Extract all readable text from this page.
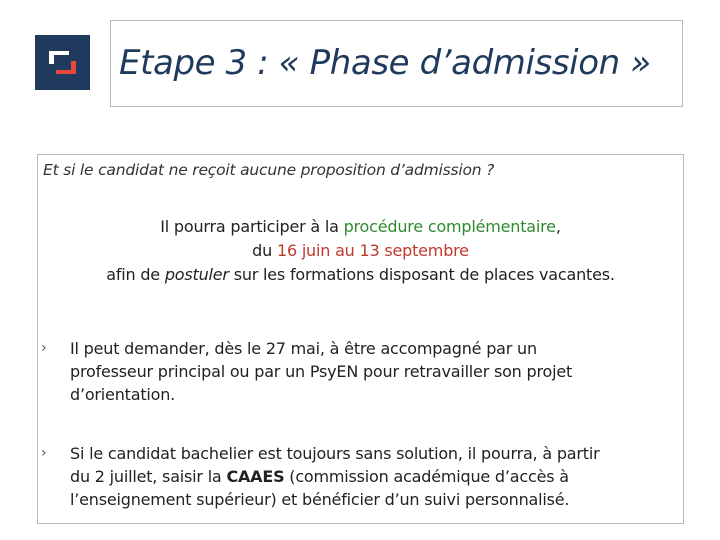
Etape 3 : « Phase d’admission »
Et si le candidat ne reçoit aucune proposition d’admission ?
Il pourra participer à la procédure complémentaire,
du 16 juin au 13 septembre
afin de postuler sur les formations disposant de places vacantes.
› Il peut demander, dès le 27 mai, à être accompagné par un
professeur principal ou par un PsyEN pour retravailler son projet
d’orientation.
› Si le candidat bachelier est toujours sans solution, il pourra, à partir
du 2 juillet, saisir la CAAES (commission académique d’accès à
l’enseignement supérieur) et bénéficier d’un suivi personnalisé.
